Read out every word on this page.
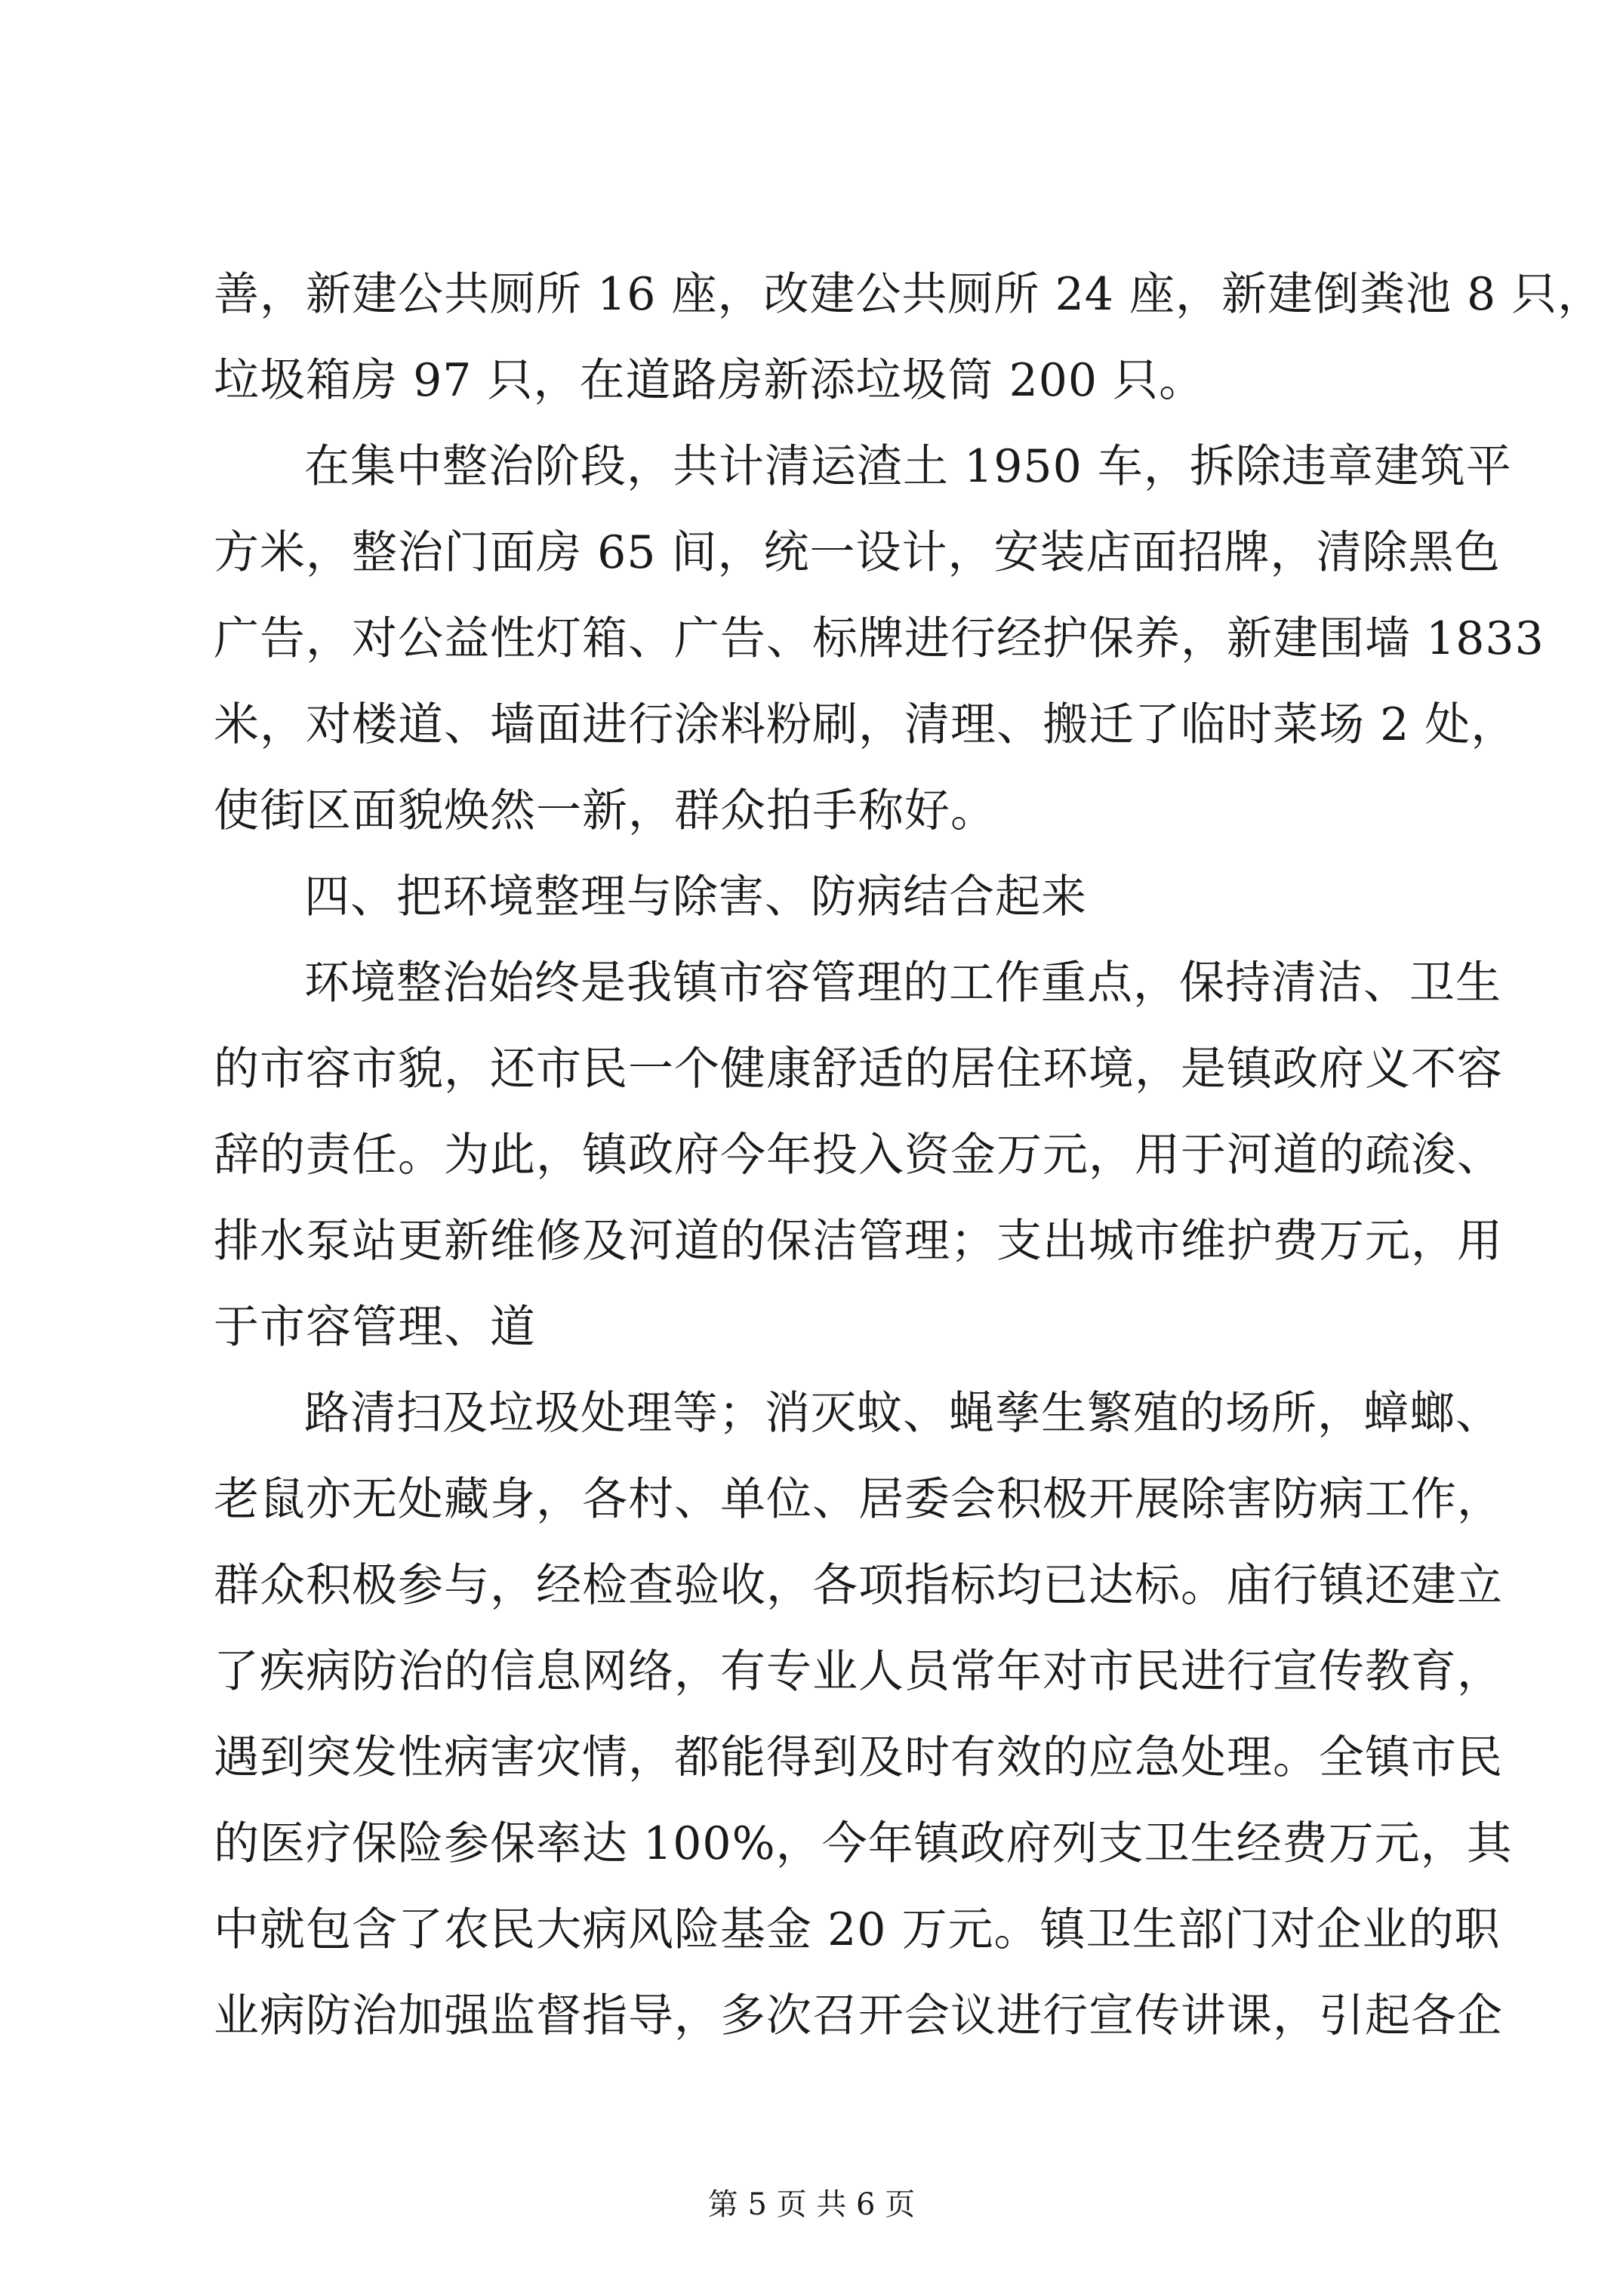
善，新建公共厕所 16 座，改建公共厕所 24 座，新建倒粪池 8 只，
垃圾箱房 97 只，在道路房新添垃圾筒 200 只。
在集中整治阶段，共计清运渣土 1950 车，拆除违章建筑平
方米，整治门面房 65 间，统一设计，安装店面招牌，清除黑色
广告，对公益性灯箱、广告、标牌进行经护保养，新建围墙 1833
米，对楼道、墙面进行涂料粉刷，清理、搬迁了临时菜场 2 处，
使街区面貌焕然一新，群众拍手称好。
四、把环境整理与除害、防病结合起来
环境整治始终是我镇市容管理的工作重点，保持清洁、卫生
的市容市貌，还市民一个健康舒适的居住环境，是镇政府义不容
辞的责任。为此，镇政府今年投入资金万元，用于河道的疏浚、
排水泵站更新维修及河道的保洁管理；支出城市维护费万元，用
于市容管理、道
路清扫及垃圾处理等；消灭蚊、蝇孳生繁殖的场所，蟑螂、
老鼠亦无处藏身，各村、单位、居委会积极开展除害防病工作，
群众积极参与，经检查验收，各项指标均已达标。庙行镇还建立
了疾病防治的信息网络，有专业人员常年对市民进行宣传教育，
遇到突发性病害灾情，都能得到及时有效的应急处理。全镇市民
的医疗保险参保率达 100%，今年镇政府列支卫生经费万元，其
中就包含了农民大病风险基金 20 万元。镇卫生部门对企业的职
业病防治加强监督指导，多次召开会议进行宣传讲课，引起各企
第 5 页 共 6 页
